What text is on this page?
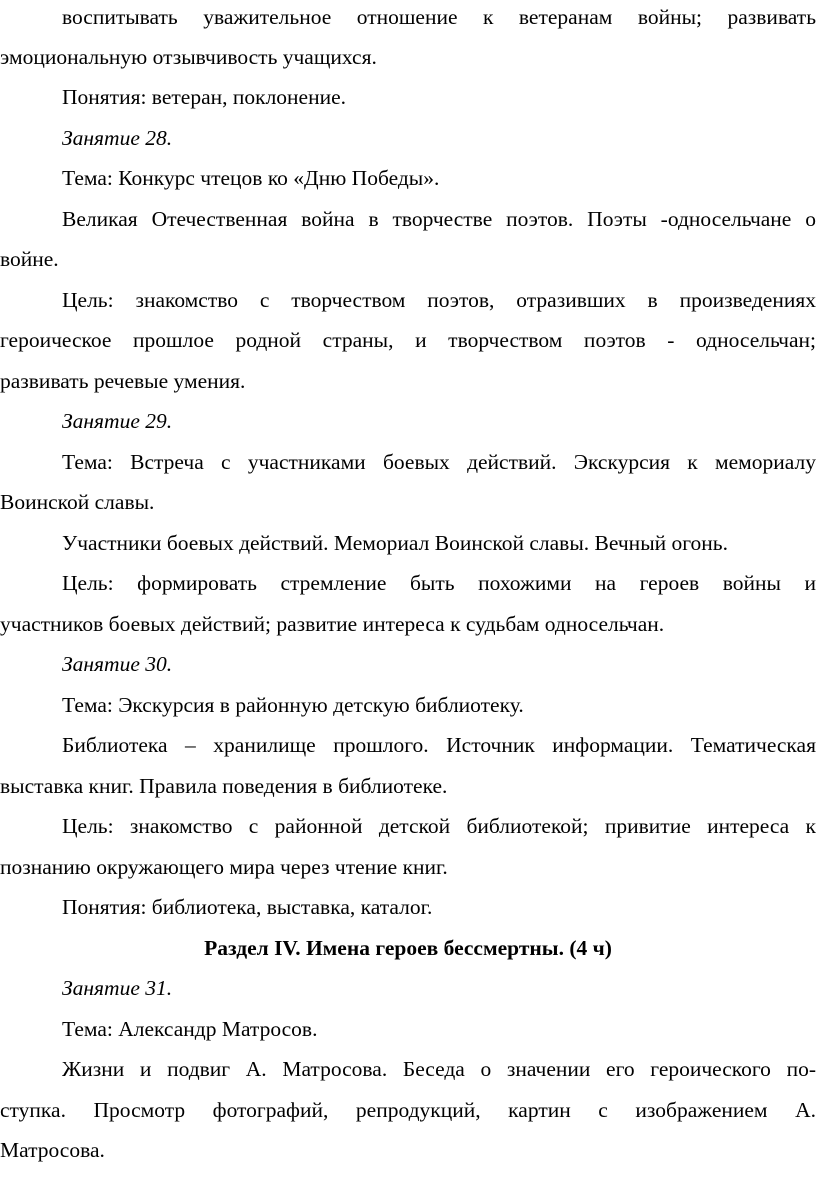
воспитывать уважительное отношение к ветеранам войны; развивать
эмоциональную отзывчивость учащихся.
Понятия: ветеран, поклонение.
Занятие 28.
Тема: Конкурс чтецов ко «Дню Победы».
Великая Отечественная война в творчестве поэтов. Поэты -односельчане о
войне.
Цель: знакомство с творчеством поэтов, отразивших в произведениях
героическое прошлое родной страны, и творчеством поэтов - односельчан;
развивать речевые умения.
Занятие 29.
Тема: Встреча с участниками боевых действий. Экскурсия к мемориалу
Воинской славы.
Участники боевых действий. Мемориал Воинской славы. Вечный огонь.
Цель: формировать стремление быть похожими на героев войны и
участников боевых действий; развитие интереса к судьбам односельчан.
Занятие 30.
Тема: Экскурсия в районную детскую библиотеку.
Библиотека – хранилище прошлого. Источник информации. Тематическая
выставка книг. Правила поведения в библиотеке.
Цель: знакомство с районной детской библиотекой; привитие интереса к
познанию окружающего мира через чтение книг.
Понятия: библиотека, выставка, каталог.
Раздел IV. Имена героев бессмертны. (4 ч)
Занятие 31.
Тема: Александр Матросов.
Жизни и подвиг А. Матросова. Беседа о значении его героического по-
ступка. Просмотр фотографий, репродукций, картин с изображением А.
Матросова.
